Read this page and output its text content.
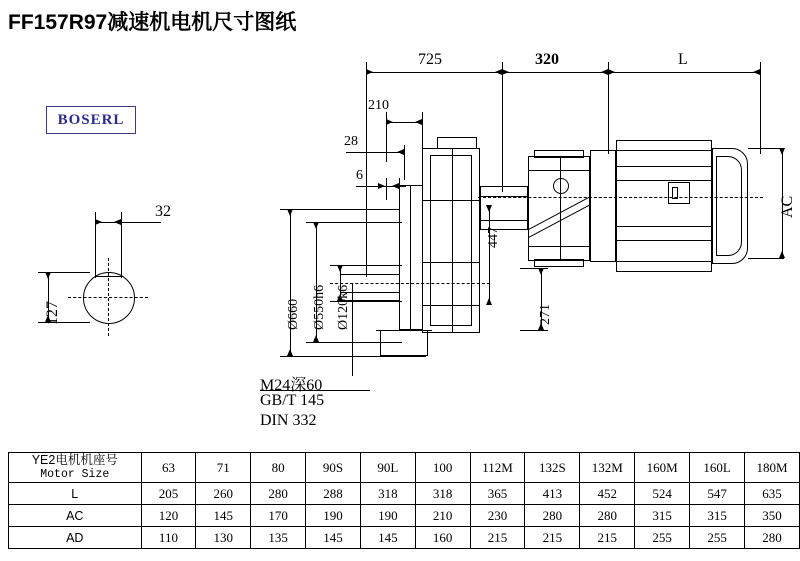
FF157R97减速机电机尺寸图纸
BOSERL
32
127
725	320	L
210
28
6
Ø660 Ø550h6 Ø120k6
447
271
AC
M24深60
GB/T 145
DIN 332
YE2电机机座号
Motor Size	63	71	80	90S	90L	100	112M	132S	132M	160M	160L	180M
L	205	260	280	288	318	318	365	413	452	524	547	635
AC	120	145	170	190	190	210	230	280	280	315	315	350
AD	110	130	135	145	145	160	215	215	215	255	255	280
